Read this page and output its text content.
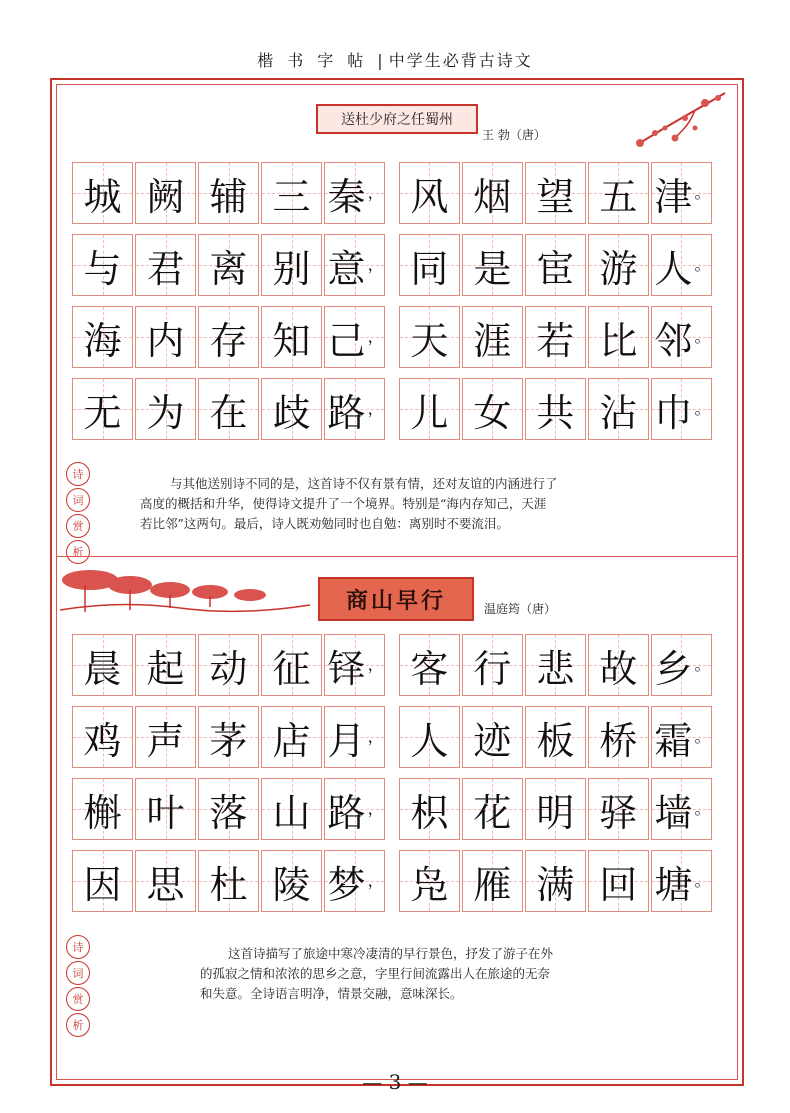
楷书字帖| 中学生必背古诗文
送杜少府之任蜀州
王 勃（唐）
城 阙 辅 三 秦 ， 风 烟 望 五 津 。
与 君 离 别 意 ， 同 是 宦 游 人 。
海 内 存 知 己 ， 天 涯 若 比 邻 。
无 为 在 歧 路 ， 儿 女 共 沾 巾 。
诗
词
赏
析
与其他送别诗不同的是，这首诗不仅有景有情，还对友谊的内涵进行了
高度的概括和升华，使得诗文提升了一个境界。特别是“海内存知己，天涯
若比邻”这两句。最后，诗人既劝勉同时也自勉：离别时不要流泪。
商山早行	温庭筠（唐）
晨 起 动 征 铎 ， 客 行 悲 故 乡 。
鸡 声 茅 店 月 ， 人 迹 板 桥 霜 。
槲 叶 落 山 路 ， 枳 花 明 驿 墙 。
因 思 杜 陵 梦 ， 凫 雁 满 回 塘 。
诗
词
赏
析
这首诗描写了旅途中寒冷凄清的早行景色，抒发了游子在外
的孤寂之情和浓浓的思乡之意，字里行间流露出人在旅途的无奈
和失意。全诗语言明净，情景交融，意味深长。
— 3 —
